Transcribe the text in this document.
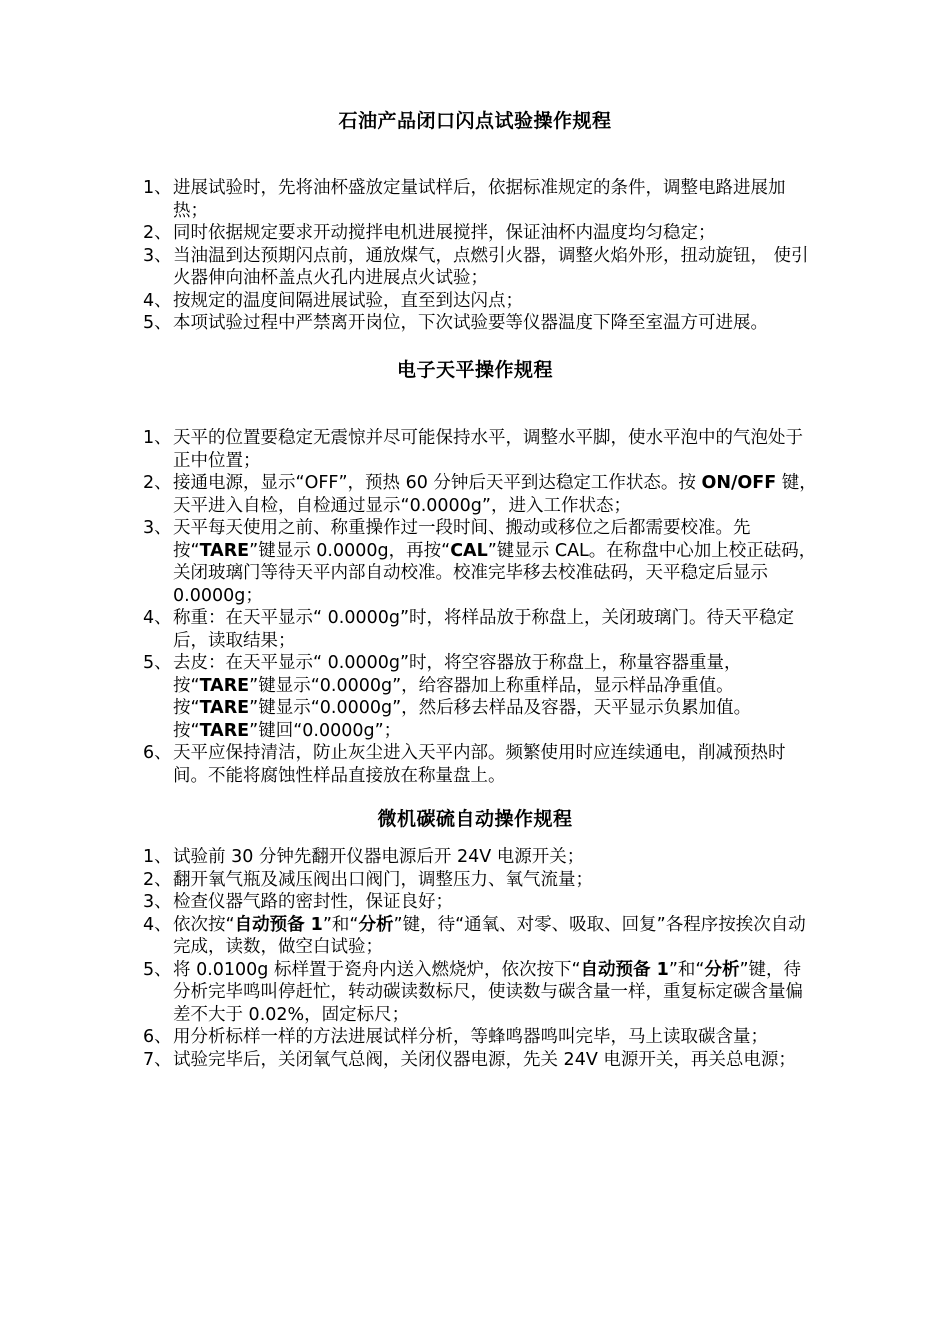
石油产品闭口闪点试验操作规程
1、 进展试验时，先将油杯盛放定量试样后，依据标准规定的条件，调整电路进展加热；
2、 同时依据规定要求开动搅拌电机进展搅拌，保证油杯内温度均匀稳定；
3、 当油温到达预期闪点前，通放煤气，点燃引火器，调整火焰外形，扭动旋钮， 使引火器伸向油杯盖点火孔内进展点火试验；
4、 按规定的温度间隔进展试验，直至到达闪点；
5、 本项试验过程中严禁离开岗位，下次试验要等仪器温度下降至室温方可进展。
电子天平操作规程
1、 天平的位置要稳定无震惊并尽可能保持水平，调整水平脚，使水平泡中的气泡处于正中位置；
2、 接通电源，显示“OFF”，预热 60 分钟后天平到达稳定工作状态。按 ON/OFF 键，天平进入自检，自检通过显示“0.0000g”，进入工作状态；
3、 天平每天使用之前、称重操作过一段时间、搬动或移位之后都需要校准。先按“TARE”键显示 0.0000g，再按“CAL”键显示 CAL。在称盘中心加上校正砝码，关闭玻璃门等待天平内部自动校准。校准完毕移去校准砝码，天平稳定后显示 0.0000g；
4、 称重：在天平显示“ 0.0000g”时，将样品放于称盘上，关闭玻璃门。待天平稳定后，读取结果；
5、 去皮：在天平显示“ 0.0000g”时，将空容器放于称盘上，称量容器重量，按“TARE”键显示“0.0000g”，给容器加上称重样品，显示样品净重值。按“TARE”键显示“0.0000g”，然后移去样品及容器，天平显示负累加值。按“TARE”键回“0.0000g”；
6、 天平应保持清洁，防止灰尘进入天平内部。频繁使用时应连续通电，削减预热时间。不能将腐蚀性样品直接放在称量盘上。
微机碳硫自动操作规程
1、 试验前 30 分钟先翻开仪器电源后开 24V 电源开关；
2、 翻开氧气瓶及减压阀出口阀门，调整压力、氧气流量；
3、 检查仪器气路的密封性，保证良好；
4、 依次按“自动预备 1”和“分析”键，待“通氧、对零、吸取、回复”各程序按挨次自动完成，读数，做空白试验；
5、 将 0.0100g 标样置于瓷舟内送入燃烧炉，依次按下“自动预备 1”和“分析”键，待分析完毕鸣叫停赶忙，转动碳读数标尺，使读数与碳含量一样，重复标定碳含量偏差不大于 0.02%，固定标尺；
6、 用分析标样一样的方法进展试样分析，等蜂鸣器鸣叫完毕，马上读取碳含量；
7、 试验完毕后，关闭氧气总阀，关闭仪器电源，先关 24V 电源开关，再关总电源；
